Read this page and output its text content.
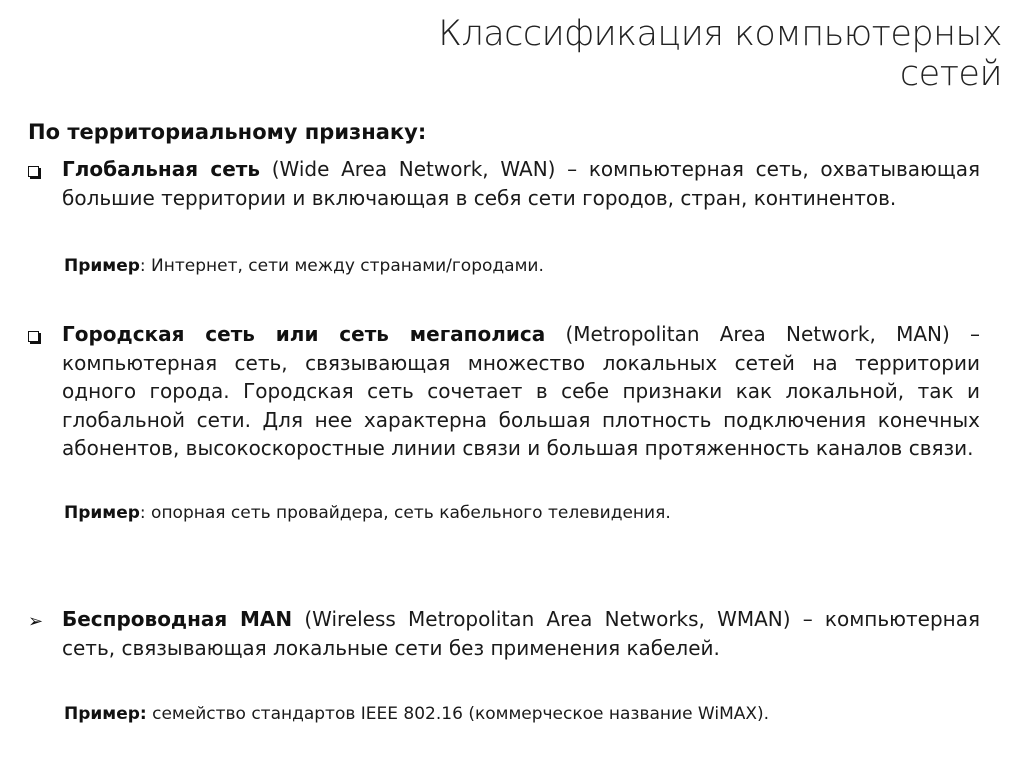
Классификация компьютерных
сетей
По территориальному признаку:
Глобальная сеть (Wide Area Network, WAN) – компьютерная сеть, охватывающая большие территории и включающая в себя сети городов, стран, континентов.
Пример: Интернет, сети между странами/городами.
Городская сеть или сеть мегаполиса (Metropolitan Area Network, MAN) – компьютерная сеть, связывающая множество локальных сетей на территории одного города. Городская сеть сочетает в себе признаки как локальной, так и глобальной сети. Для нее характерна большая плотность подключения конечных абонентов, высокоскоростные линии связи и большая протяженность каналов связи.
Пример: опорная сеть провайдера, сеть кабельного телевидения.
➢ Беспроводная MAN (Wireless Metropolitan Area Networks, WMAN) – компьютерная сеть, связывающая локальные сети без применения кабелей.
Пример: семейство стандартов IEEE 802.16 (коммерческое название WiMAX).
